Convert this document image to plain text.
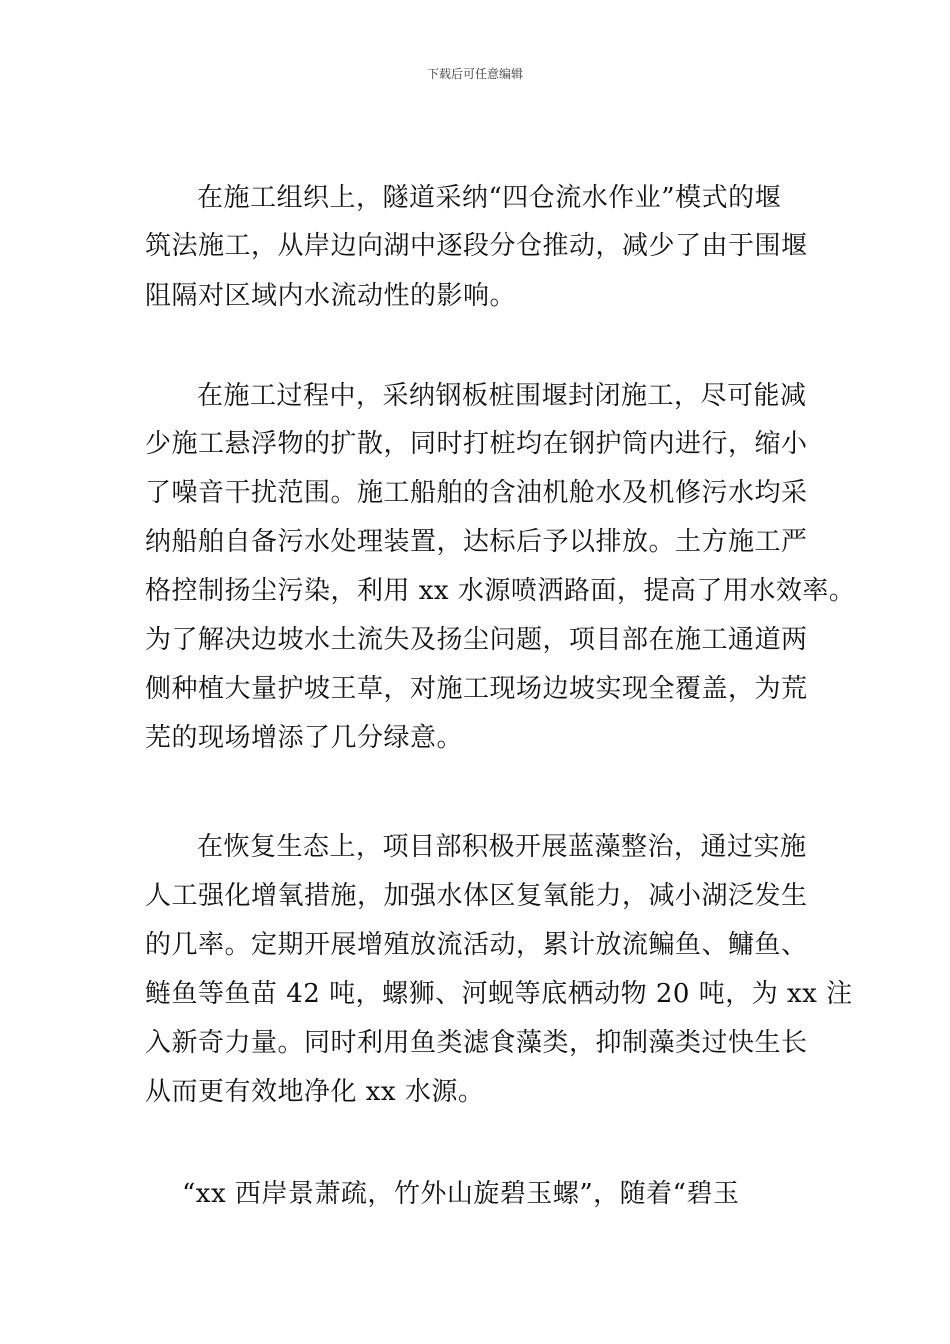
下载后可任意编辑
在施工组织上，隧道采纳“四仓流水作业”模式的堰
筑法施工，从岸边向湖中逐段分仓推动，减少了由于围堰
阻隔对区域内水流动性的影响。
在施工过程中，采纳钢板桩围堰封闭施工，尽可能减
少施工悬浮物的扩散，同时打桩均在钢护筒内进行，缩小
了噪音干扰范围。施工船舶的含油机舱水及机修污水均采
纳船舶自备污水处理装置，达标后予以排放。土方施工严
格控制扬尘污染，利用 xx 水源喷洒路面，提高了用水效率。
为了解决边坡水土流失及扬尘问题，项目部在施工通道两
侧种植大量护坡王草，对施工现场边坡实现全覆盖，为荒
芜的现场增添了几分绿意。
在恢复生态上，项目部积极开展蓝藻整治，通过实施
人工强化增氧措施，加强水体区复氧能力，减小湖泛发生
的几率。定期开展增殖放流活动，累计放流鳊鱼、鳙鱼、
鲢鱼等鱼苗 42 吨，螺狮、河蚬等底栖动物 20 吨，为 xx 注
入新奇力量。同时利用鱼类滤食藻类，抑制藻类过快生长
从而更有效地净化 xx 水源。
“xx 西岸景萧疏，竹外山旋碧玉螺”，随着“碧玉
